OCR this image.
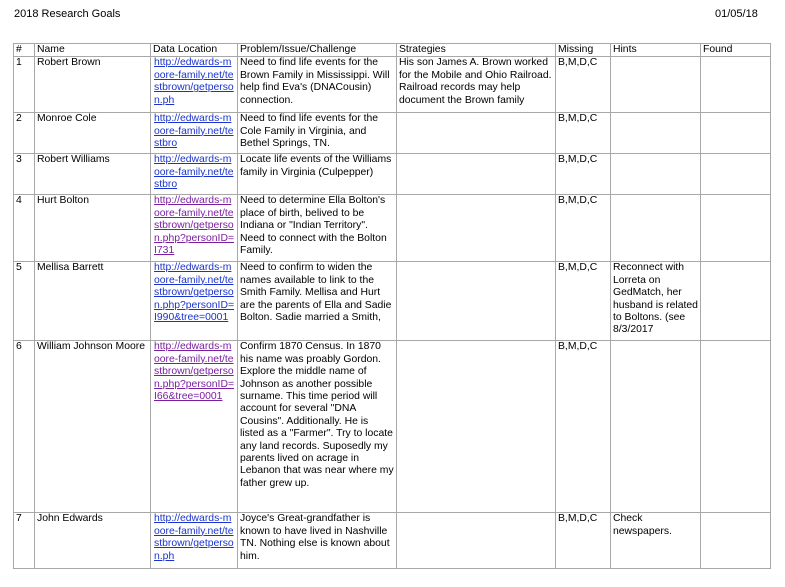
2018 Research Goals	01/05/18
#	Name	Data Location	Problem/Issue/Challenge	Strategies	Missing	Hints	Found
1	Robert Brown	http://edwards-moore-family.net/testbrown/getperson.ph	Need to find life events for the Brown Family in Mississippi. Will help find Eva's (DNACousin) connection.	His son James A. Brown worked for the Mobile and Ohio Railroad. Railroad records may help document the Brown family	B,M,D,C		
2	Monroe Cole	http://edwards-moore-family.net/testbro	Need to find life events for the Cole Family in Virginia, and Bethel Springs, TN.		B,M,D,C		
3	Robert Williams	http://edwards-moore-family.net/testbro	Locate life events of the Williams family in Virginia (Culpepper)		B,M,D,C		
4	Hurt Bolton	http://edwards-moore-family.net/testbrown/getperson.php?personID=I731	Need to determine Ella Bolton's place of birth, belived to be Indiana or "Indian Territory". Need to connect with the Bolton Family.		B,M,D,C		
5	Mellisa Barrett	http://edwards-moore-family.net/testbrown/getperson.php?personID=I990&tree=0001	Need to confirm to widen the names available to link to the Smith Family. Mellisa and Hurt are the parents of Ella and Sadie Bolton. Sadie married a Smith,		B,M,D,C	Reconnect with Lorreta on GedMatch, her husband is related to Boltons. (see 8/3/2017	
6	William Johnson Moore	http://edwards-moore-family.net/testbrown/getperson.php?personID=I66&tree=0001	Confirm 1870 Census. In 1870 his name was proably Gordon. Explore the middle name of Johnson as another possible surname. This time period will account for several "DNA Cousins". Additionally. He is listed as a "Farmer". Try to locate any land records. Suposedly my parents lived on acrage in Lebanon that was near where my father grew up.		B,M,D,C		
7	John Edwards	http://edwards-moore-family.net/testbrown/getperson.ph	Joyce's Great-grandfather is known to have lived in Nashville TN. Nothing else is known about him.		B,M,D,C	Check newspapers.	
